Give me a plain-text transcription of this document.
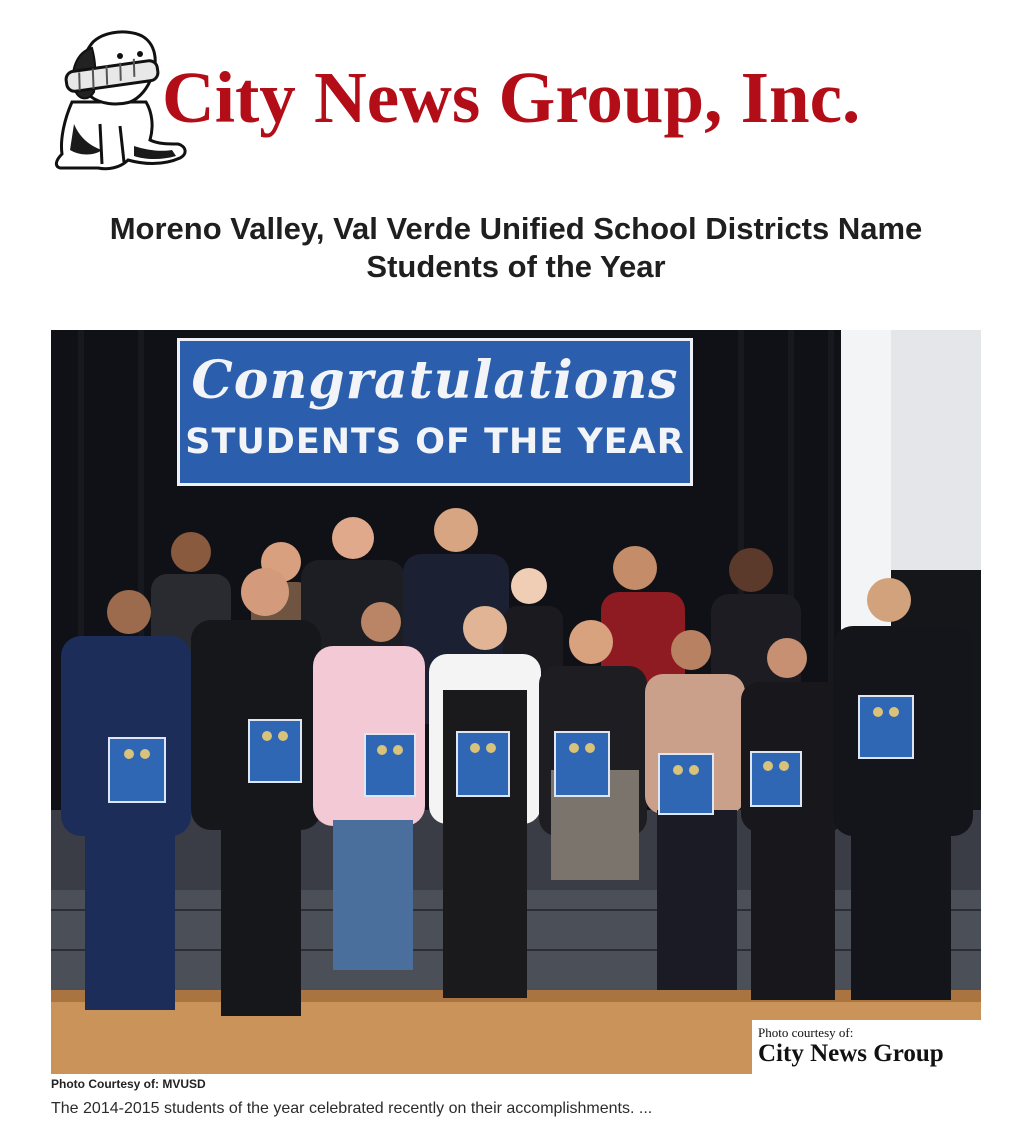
City News Group, Inc.
Moreno Valley, Val Verde Unified School Districts Name Students of the Year
Congratulations
STUDENTS OF THE YEAR
Photo courtesy of:
City News Group
Photo Courtesy of: MVUSD
The 2014-2015 students of the year celebrated recently on their accomplishments. ...
